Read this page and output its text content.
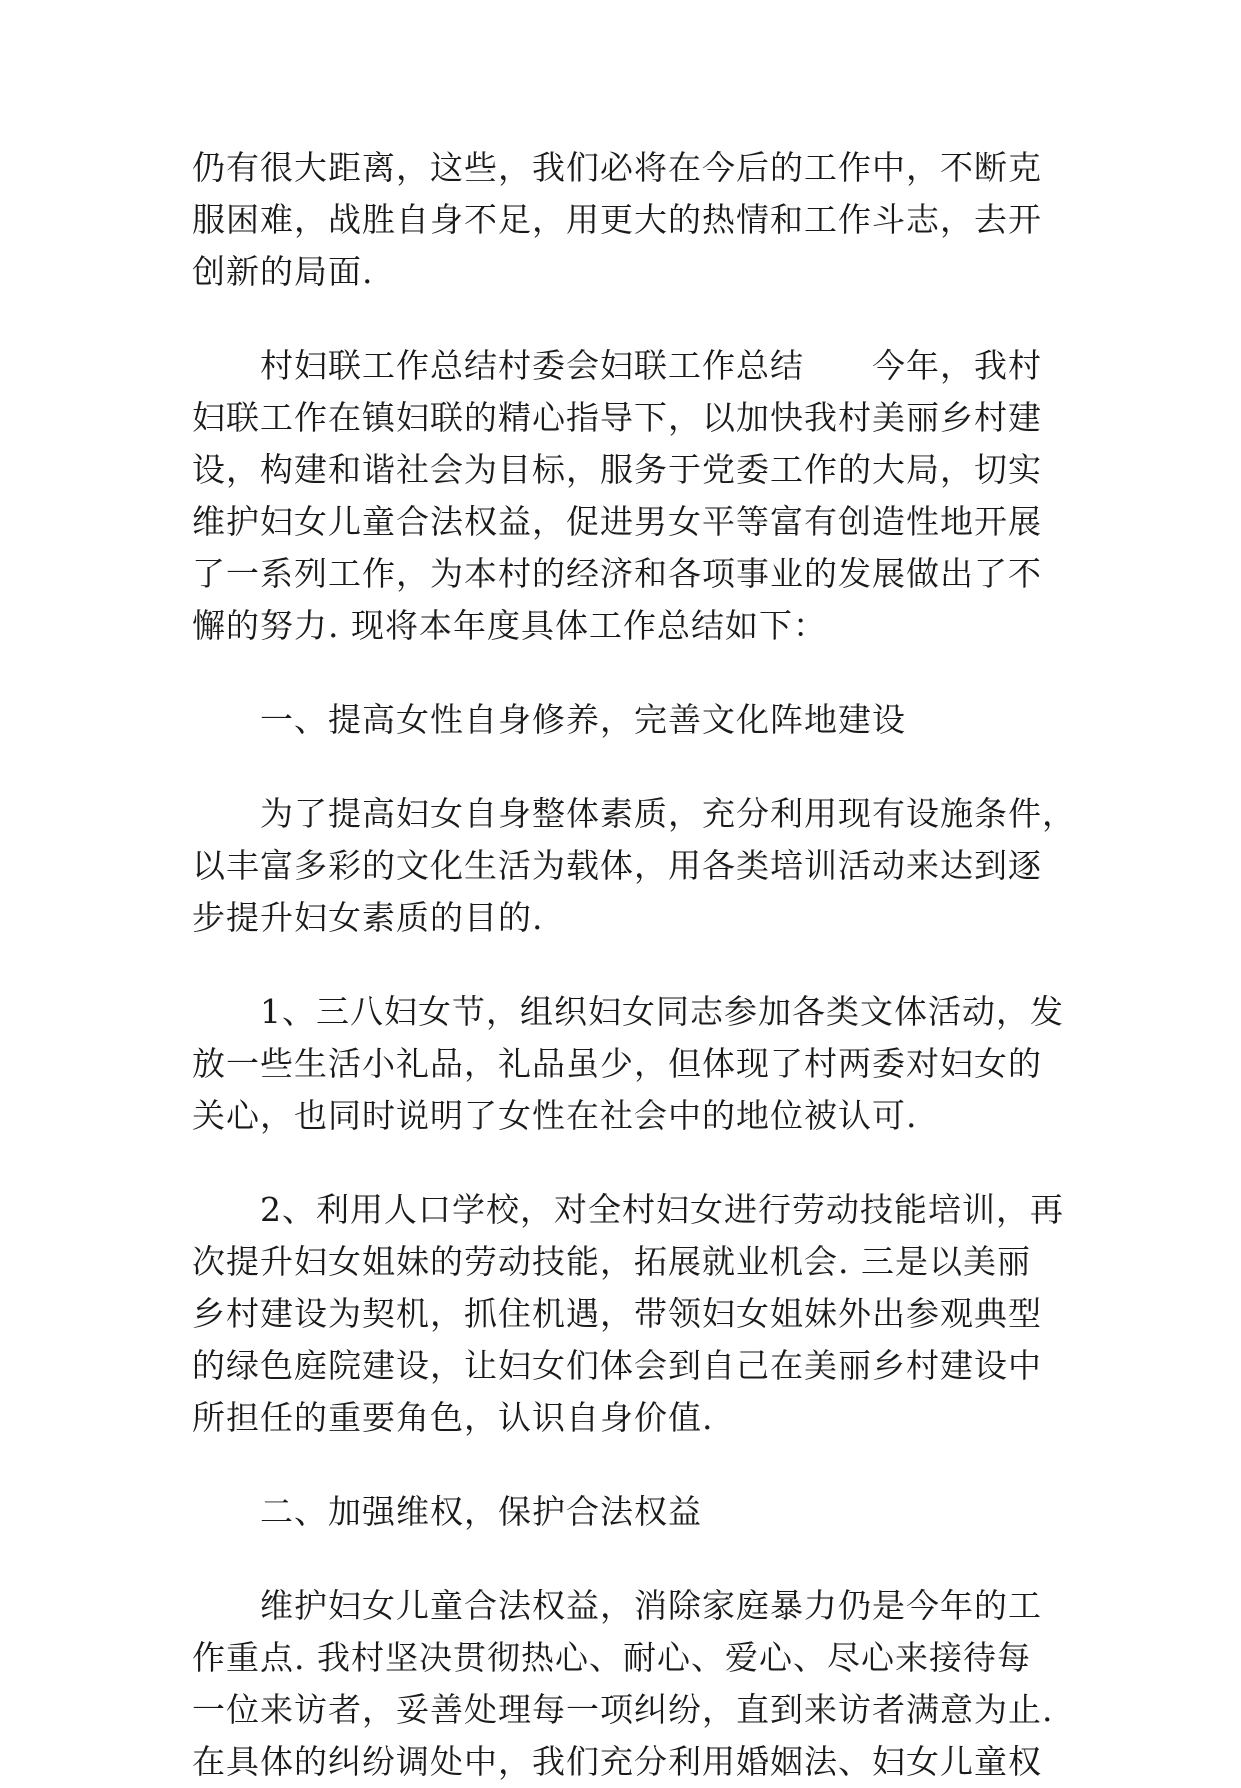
仍有很大距离，这些，我们必将在今后的工作中，不断克
服困难，战胜自身不足，用更大的热情和工作斗志，去开
创新的局面.
　　村妇联工作总结村委会妇联工作总结　　今年，我村
妇联工作在镇妇联的精心指导下，以加快我村美丽乡村建
设，构建和谐社会为目标，服务于党委工作的大局，切实
维护妇女儿童合法权益，促进男女平等富有创造性地开展
了一系列工作，为本村的经济和各项事业的发展做出了不
懈的努力. 现将本年度具体工作总结如下：
　　一、提高女性自身修养，完善文化阵地建设
　　为了提高妇女自身整体素质，充分利用现有设施条件，
以丰富多彩的文化生活为载体，用各类培训活动来达到逐
步提升妇女素质的目的.
　　1、三八妇女节，组织妇女同志参加各类文体活动，发
放一些生活小礼品，礼品虽少，但体现了村两委对妇女的
关心，也同时说明了女性在社会中的地位被认可.
　　2、利用人口学校，对全村妇女进行劳动技能培训，再
次提升妇女姐妹的劳动技能，拓展就业机会. 三是以美丽
乡村建设为契机，抓住机遇，带领妇女姐妹外出参观典型
的绿色庭院建设，让妇女们体会到自己在美丽乡村建设中
所担任的重要角色，认识自身价值.
　　二、加强维权，保护合法权益
　　维护妇女儿童合法权益，消除家庭暴力仍是今年的工
作重点. 我村坚决贯彻热心、耐心、爱心、尽心来接待每
一位来访者，妥善处理每一项纠纷，直到来访者满意为止.
在具体的纠纷调处中，我们充分利用婚姻法、妇女儿童权
